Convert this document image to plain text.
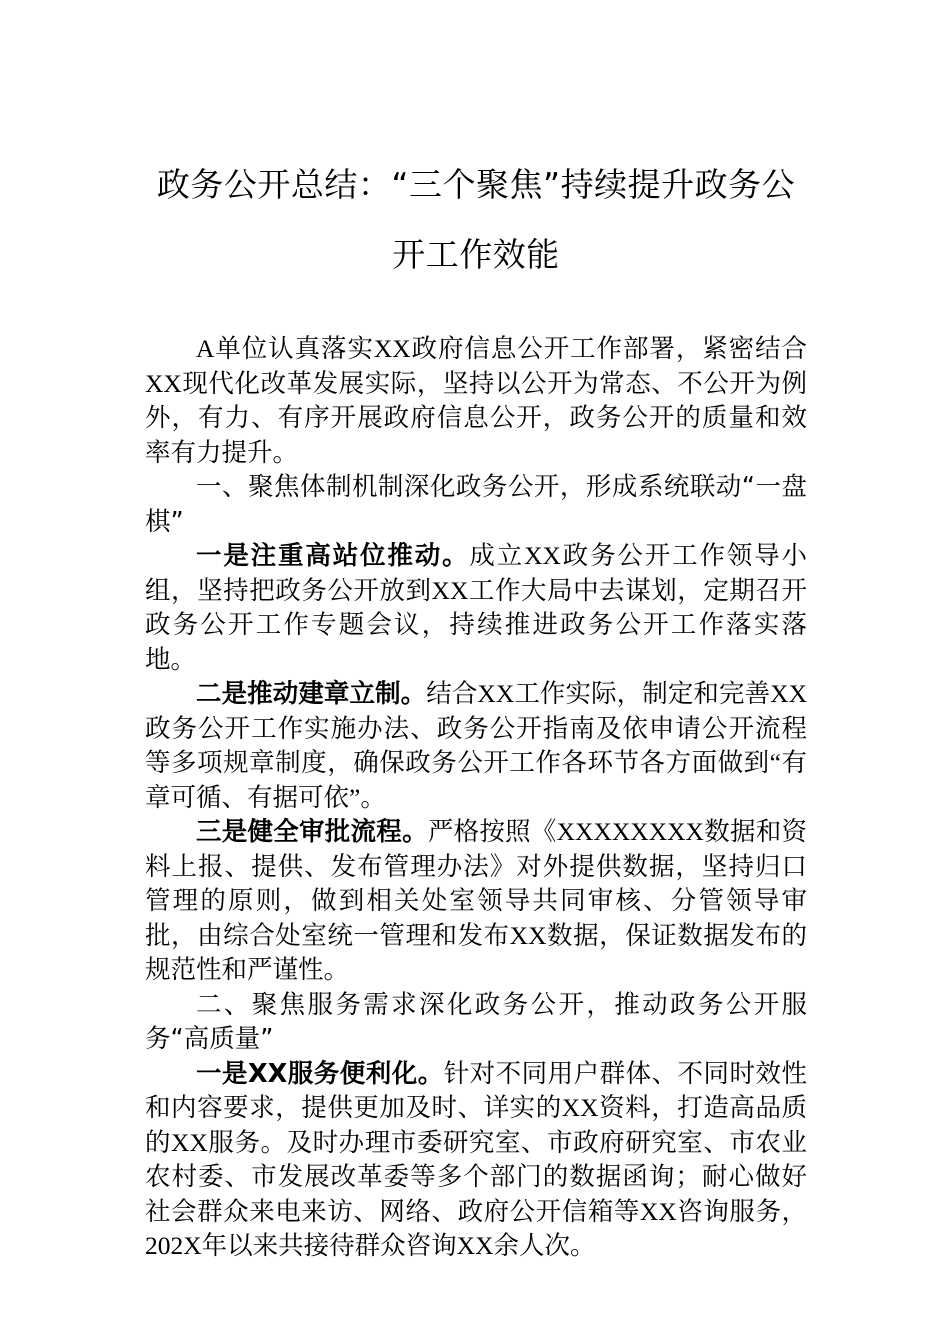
政务公开总结：“三个聚焦”持续提升政务公开工作效能

A单位认真落实XX政府信息公开工作部署，紧密结合XX现代化改革发展实际，坚持以公开为常态、不公开为例外，有力、有序开展政府信息公开，政务公开的质量和效率有力提升。

一、聚焦体制机制深化政务公开，形成系统联动“一盘棋”

一是注重高站位推动。成立XX政务公开工作领导小组，坚持把政务公开放到XX工作大局中去谋划，定期召开政务公开工作专题会议，持续推进政务公开工作落实落地。

二是推动建章立制。结合XX工作实际，制定和完善XX政务公开工作实施办法、政务公开指南及依申请公开流程等多项规章制度，确保政务公开工作各环节各方面做到“有章可循、有据可依”。

三是健全审批流程。严格按照《XXXXXXXX数据和资料上报、提供、发布管理办法》对外提供数据，坚持归口管理的原则，做到相关处室领导共同审核、分管领导审批，由综合处室统一管理和发布XX数据，保证数据发布的规范性和严谨性。

二、聚焦服务需求深化政务公开，推动政务公开服务“高质量”

一是XX服务便利化。针对不同用户群体、不同时效性和内容要求，提供更加及时、详实的XX资料，打造高品质的XX服务。及时办理市委研究室、市政府研究室、市农业农村委、市发展改革委等多个部门的数据函询；耐心做好社会群众来电来访、网络、政府公开信箱等XX咨询服务，202X年以来共接待群众咨询XX余人次。
